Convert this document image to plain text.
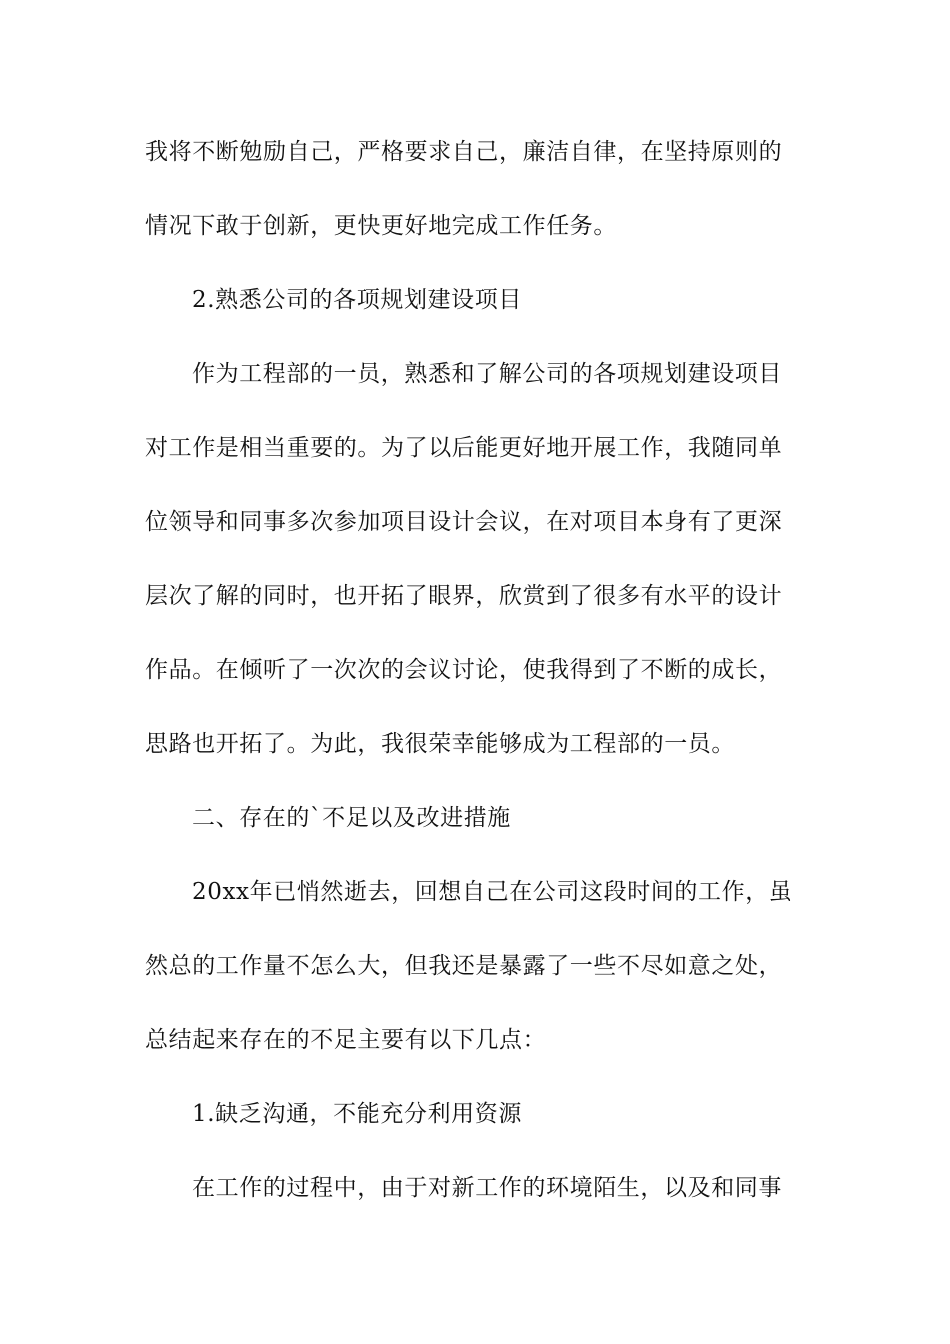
我将不断勉励自己，严格要求自己，廉洁自律，在坚持原则的
情况下敢于创新，更快更好地完成工作任务。
2.熟悉公司的各项规划建设项目
作为工程部的一员，熟悉和了解公司的各项规划建设项目
对工作是相当重要的。为了以后能更好地开展工作，我随同单
位领导和同事多次参加项目设计会议，在对项目本身有了更深
层次了解的同时，也开拓了眼界，欣赏到了很多有水平的设计
作品。在倾听了一次次的会议讨论，使我得到了不断的成长，
思路也开拓了。为此，我很荣幸能够成为工程部的一员。
二、存在的`不足以及改进措施
20xx年已悄然逝去，回想自己在公司这段时间的工作，虽
然总的工作量不怎么大，但我还是暴露了一些不尽如意之处，
总结起来存在的不足主要有以下几点：
1.缺乏沟通，不能充分利用资源
在工作的过程中，由于对新工作的环境陌生，以及和同事
